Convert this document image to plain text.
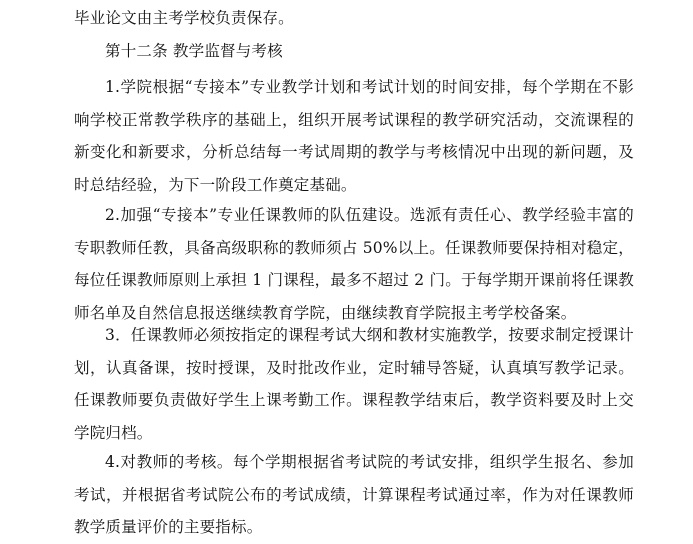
毕业论文由主考学校负责保存。
第十二条 教学监督与考核

1.学院根据“专接本”专业教学计划和考试计划的时间安排，每个学期在不影响学校正常教学秩序的基础上，组织开展考试课程的教学研究活动，交流课程的新变化和新要求，分析总结每一考试周期的教学与考核情况中出现的新问题，及时总结经验，为下一阶段工作奠定基础。

2.加强“专接本”专业任课教师的队伍建设。选派有责任心、教学经验丰富的专职教师任教，具备高级职称的教师须占 50%以上。任课教师要保持相对稳定，每位任课教师原则上承担 1 门课程，最多不超过 2 门。于每学期开课前将任课教师名单及自然信息报送继续教育学院，由继续教育学院报主考学校备案。

3．任课教师必须按指定的课程考试大纲和教材实施教学，按要求制定授课计划，认真备课，按时授课，及时批改作业，定时辅导答疑，认真填写教学记录。任课教师要负责做好学生上课考勤工作。课程教学结束后，教学资料要及时上交学院归档。

4.对教师的考核。每个学期根据省考试院的考试安排，组织学生报名、参加考试，并根据省考试院公布的考试成绩，计算课程考试通过率，作为对任课教师教学质量评价的主要指标。
